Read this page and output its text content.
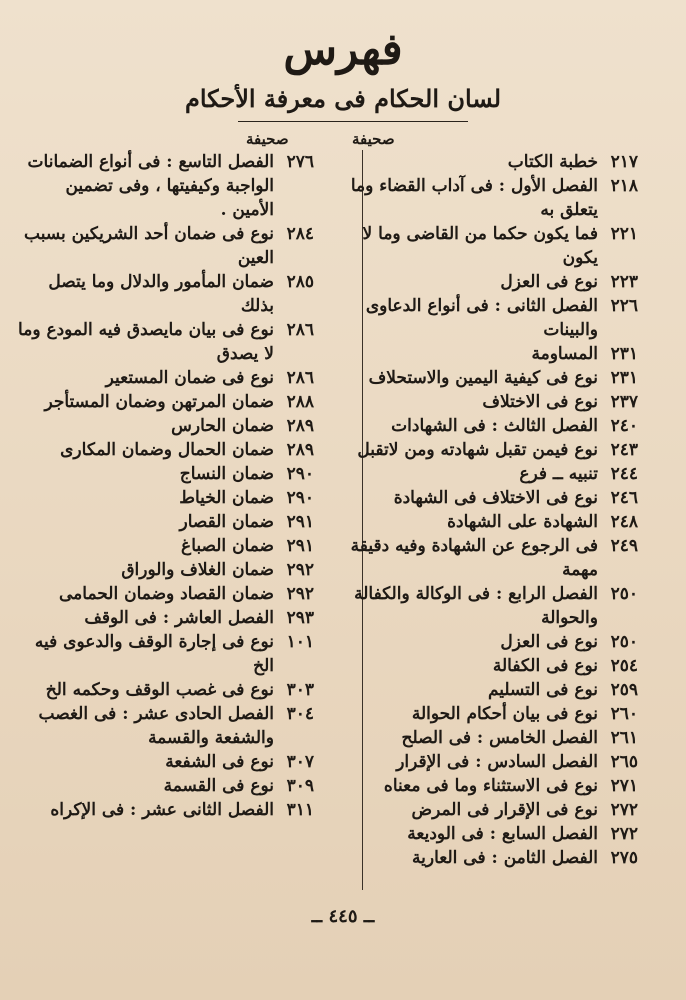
فهرس
لسان الحكام فى معرفة الأحكام
صحيفة
٢١٧
خطبة الكتاب
٢١٨
الفصل الأول : فى آداب القضاء وما يتعلق به
٢٢١
فما يكون حكما من القاضى وما لا يكون
٢٢٣
نوع فى العزل
٢٢٦
الفصل الثانى : فى أنواع الدعاوى والبينات
٢٣١
المساومة
٢٣١
نوع فى كيفية اليمين والاستحلاف
٢٣٧
نوع فى الاختلاف
٢٤٠
الفصل الثالث : فى الشهادات
٢٤٣
نوع فيمن تقبل شهادته ومن لاتقبل
٢٤٤
تنبيه ــ فرع
٢٤٦
نوع فى الاختلاف فى الشهادة
٢٤٨
الشهادة على الشهادة
٢٤٩
فى الرجوع عن الشهادة وفيه دقيقة مهمة
٢٥٠
الفصل الرابع : فى الوكالة والكفالة والحوالة
٢٥٠
نوع فى العزل
٢٥٤
نوع فى الكفالة
٢٥٩
نوع فى التسليم
٢٦٠
نوع فى بيان أحكام الحوالة
٢٦١
الفصل الخامس : فى الصلح
٢٦٥
الفصل السادس : فى الإقرار
٢٧١
نوع فى الاستثناء وما فى معناه
٢٧٢
نوع فى الإقرار فى المرض
٢٧٢
الفصل السابع : فى الوديعة
٢٧٥
الفصل الثامن : فى العارية
صحيفة
٢٧٦
الفصل التاسع : فى أنواع الضمانات الواجبة وكيفيتها ، وفى تضمين الأمين .
٢٨٤
نوع فى ضمان أحد الشريكين بسبب العين
٢٨٥
ضمان المأمور والدلال وما يتصل بذلك
٢٨٦
نوع فى بيان مايصدق فيه المودع وما لا يصدق
٢٨٦
نوع فى ضمان المستعير
٢٨٨
ضمان المرتهن وضمان المستأجر
٢٨٩
ضمان الحارس
٢٨٩
ضمان الحمال وضمان المكارى
٢٩٠
ضمان النساج
٢٩٠
ضمان الخياط
٢٩١
ضمان القصار
٢٩١
ضمان الصباغ
٢٩٢
ضمان الغلاف والوراق
٢٩٢
ضمان القصاد وضمان الحمامى
٢٩٣
الفصل العاشر : فى الوقف
١٠١
نوع فى إجارة الوقف والدعوى فيه الخ
٣٠٣
نوع فى غصب الوقف وحكمه الخ
٣٠٤
الفصل الحادى عشر : فى الغصب والشفعة والقسمة
٣٠٧
نوع فى الشفعة
٣٠٩
نوع فى القسمة
٣١١
الفصل الثانى عشر : فى الإكراه
ــ ٤٤٥ ــ
